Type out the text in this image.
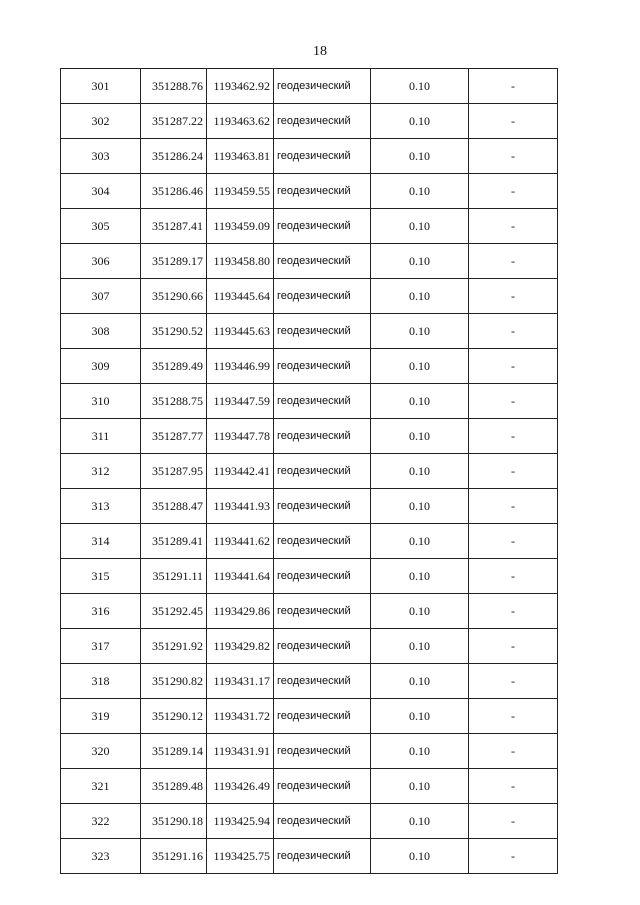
18
301	351288.76	1193462.92	геодезический	0.10	-
302	351287.22	1193463.62	геодезический	0.10	-
303	351286.24	1193463.81	геодезический	0.10	-
304	351286.46	1193459.55	геодезический	0.10	-
305	351287.41	1193459.09	геодезический	0.10	-
306	351289.17	1193458.80	геодезический	0.10	-
307	351290.66	1193445.64	геодезический	0.10	-
308	351290.52	1193445.63	геодезический	0.10	-
309	351289.49	1193446.99	геодезический	0.10	-
310	351288.75	1193447.59	геодезический	0.10	-
311	351287.77	1193447.78	геодезический	0.10	-
312	351287.95	1193442.41	геодезический	0.10	-
313	351288.47	1193441.93	геодезический	0.10	-
314	351289.41	1193441.62	геодезический	0.10	-
315	351291.11	1193441.64	геодезический	0.10	-
316	351292.45	1193429.86	геодезический	0.10	-
317	351291.92	1193429.82	геодезический	0.10	-
318	351290.82	1193431.17	геодезический	0.10	-
319	351290.12	1193431.72	геодезический	0.10	-
320	351289.14	1193431.91	геодезический	0.10	-
321	351289.48	1193426.49	геодезический	0.10	-
322	351290.18	1193425.94	геодезический	0.10	-
323	351291.16	1193425.75	геодезический	0.10	-
